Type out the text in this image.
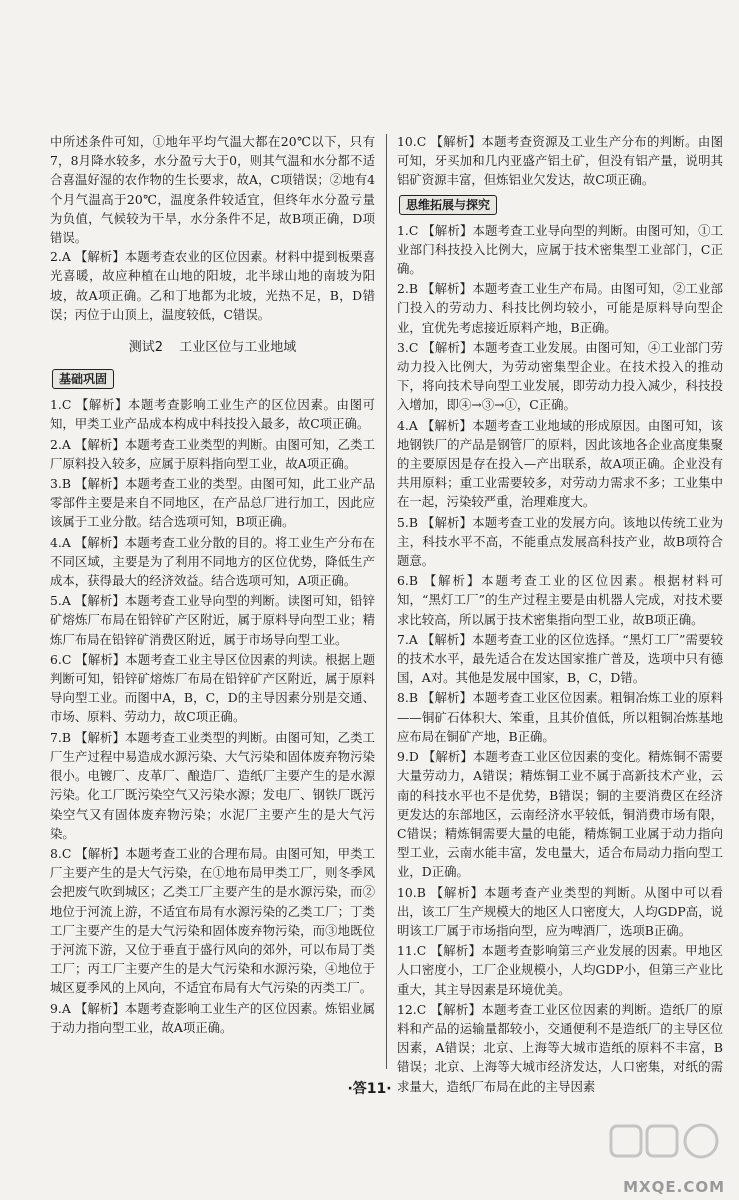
中所述条件可知，①地年平均气温大都在20℃以下，只有7，8月降水较多，水分盈亏大于0，则其气温和水分都不适合喜温好湿的农作物的生长要求，故A，C项错误；②地有4个月气温高于20℃，温度条件较适宜，但终年水分盈亏量为负值，气候较为干旱，水分条件不足，故B项正确，D项错误。

2.A 【解析】本题考查农业的区位因素。材料中提到板栗喜光喜暖，故应种植在山地的阳坡，北半球山地的南坡为阳坡，故A项正确。乙和丁地都为北坡，光热不足，B，D错误；丙位于山顶上，温度较低，C错误。

测试2 工业区位与工业地域
基础巩固

1.C 【解析】本题考查影响工业生产的区位因素。由图可知，甲类工业产品成本构成中科技投入最多，故C项正确。

2.A 【解析】本题考查工业类型的判断。由图可知，乙类工厂原料投入较多，应属于原料指向型工业，故A项正确。

3.B 【解析】本题考查工业的类型。由图可知，此工业产品零部件主要是来自不同地区，在产品总厂进行加工，因此应该属于工业分散。结合选项可知，B项正确。

4.A 【解析】本题考查工业分散的目的。将工业生产分布在不同区域，主要是为了利用不同地方的区位优势，降低生产成本，获得最大的经济效益。结合选项可知，A项正确。

5.A 【解析】本题考查工业导向型的判断。读图可知，铅锌矿熔炼厂布局在铅锌矿产区附近，属于原料导向型工业；精炼厂布局在铅锌矿消费区附近，属于市场导向型工业。

6.C 【解析】本题考查工业主导区位因素的判读。根据上题判断可知，铅锌矿熔炼厂布局在铅锌矿产区附近，属于原料导向型工业。而图中A，B，C，D的主导因素分别是交通、市场、原料、劳动力，故C项正确。

7.B 【解析】本题考查工业类型的判断。由图可知，乙类工厂生产过程中易造成水源污染、大气污染和固体废弃物污染很小。电镀厂、皮革厂、酿造厂、造纸厂主要产生的是水源污染。化工厂既污染空气又污染水源；发电厂、钢铁厂既污染空气又有固体废弃物污染；水泥厂主要产生的是大气污染。

8.C 【解析】本题考查工业的合理布局。由图可知，甲类工厂主要产生的是大气污染，在①地布局甲类工厂，则冬季风会把废气吹到城区；乙类工厂主要产生的是水源污染，而②地位于河流上游，不适宜布局有水源污染的乙类工厂；丁类工厂主要产生的是大气污染和固体废弃物污染，而③地既位于河流下游，又位于垂直于盛行风向的郊外，可以布局丁类工厂；丙工厂主要产生的是大气污染和水源污染，④地位于城区夏季风的上风向，不适宜布局有大气污染的丙类工厂。

9.A 【解析】本题考查影响工业生产的区位因素。炼铝业属于动力指向型工业，故A项正确。

10.C 【解析】本题考查资源及工业生产分布的判断。由图可知，牙买加和几内亚盛产铝土矿，但没有铝产量，说明其铝矿资源丰富，但炼铝业欠发达，故C项正确。

思维拓展与探究

1.C 【解析】本题考查工业导向型的判断。由图可知，①工业部门科技投入比例大，应属于技术密集型工业部门，C正确。

2.B 【解析】本题考查工业生产布局。由图可知，②工业部门投入的劳动力、科技比例均较小，可能是原料导向型企业，宜优先考虑接近原料产地，B正确。

3.C 【解析】本题考查工业发展。由图可知，④工业部门劳动力投入比例大，为劳动密集型企业。在技术投入的推动下，将向技术导向型工业发展，即劳动力投入减少，科技投入增加，即④→③→①，C正确。

4.A 【解析】本题考查工业地域的形成原因。由图可知，该地钢铁厂的产品是钢管厂的原料，因此该地各企业高度集聚的主要原因是存在投入—产出联系，故A项正确。企业没有共用原料；重工业需要较多，对劳动力需求不多；工业集中在一起，污染较严重，治理难度大。

5.B 【解析】本题考查工业的发展方向。该地以传统工业为主，科技水平不高，不能重点发展高科技产业，故B项符合题意。

6.B 【解析】本题考查工业的区位因素。根据材料可知，“黑灯工厂”的生产过程主要是由机器人完成，对技术要求比较高，所以属于技术密集指向型工业，故B项正确。

7.A 【解析】本题考查工业的区位选择。“黑灯工厂”需要较的技术水平，最先适合在发达国家推广普及，选项中只有德国，A对。其他是发展中国家，B，C，D错。

8.B 【解析】本题考查工业区位因素。粗铜冶炼工业的原料——铜矿石体积大、笨重，且其价值低，所以粗铜冶炼基地应布局在铜矿产地，B正确。

9.D 【解析】本题考查工业区位因素的变化。精炼铜不需要大量劳动力，A错误；精炼铜工业不属于高新技术产业，云南的科技水平也不是优势，B错误；铜的主要消费区在经济更发达的东部地区，云南经济水平较低，铜消费市场有限，C错误；精炼铜需要大量的电能，精炼铜工业属于动力指向型工业，云南水能丰富，发电量大，适合布局动力指向型工业，D正确。

10.B 【解析】本题考查产业类型的判断。从图中可以看出，该工厂生产规模大的地区人口密度大，人均GDP高，说明该工厂属于市场指向型，应为啤酒厂，选项B正确。

11.C 【解析】本题考查影响第三产业发展的因素。甲地区人口密度小，工厂企业规模小，人均GDP小，但第三产业比重大，其主导因素是环境优美。

12.C 【解析】本题考查工业区位因素的判断。造纸厂的原料和产品的运输量都较小，交通便利不是造纸厂的主导区位因素，A错误；北京、上海等大城市造纸的原料不丰富，B错误；北京、上海等大城市经济发达，人口密集，对纸的需求量大，造纸厂布局在此的主导因素

·答11·
MXQE.COM
